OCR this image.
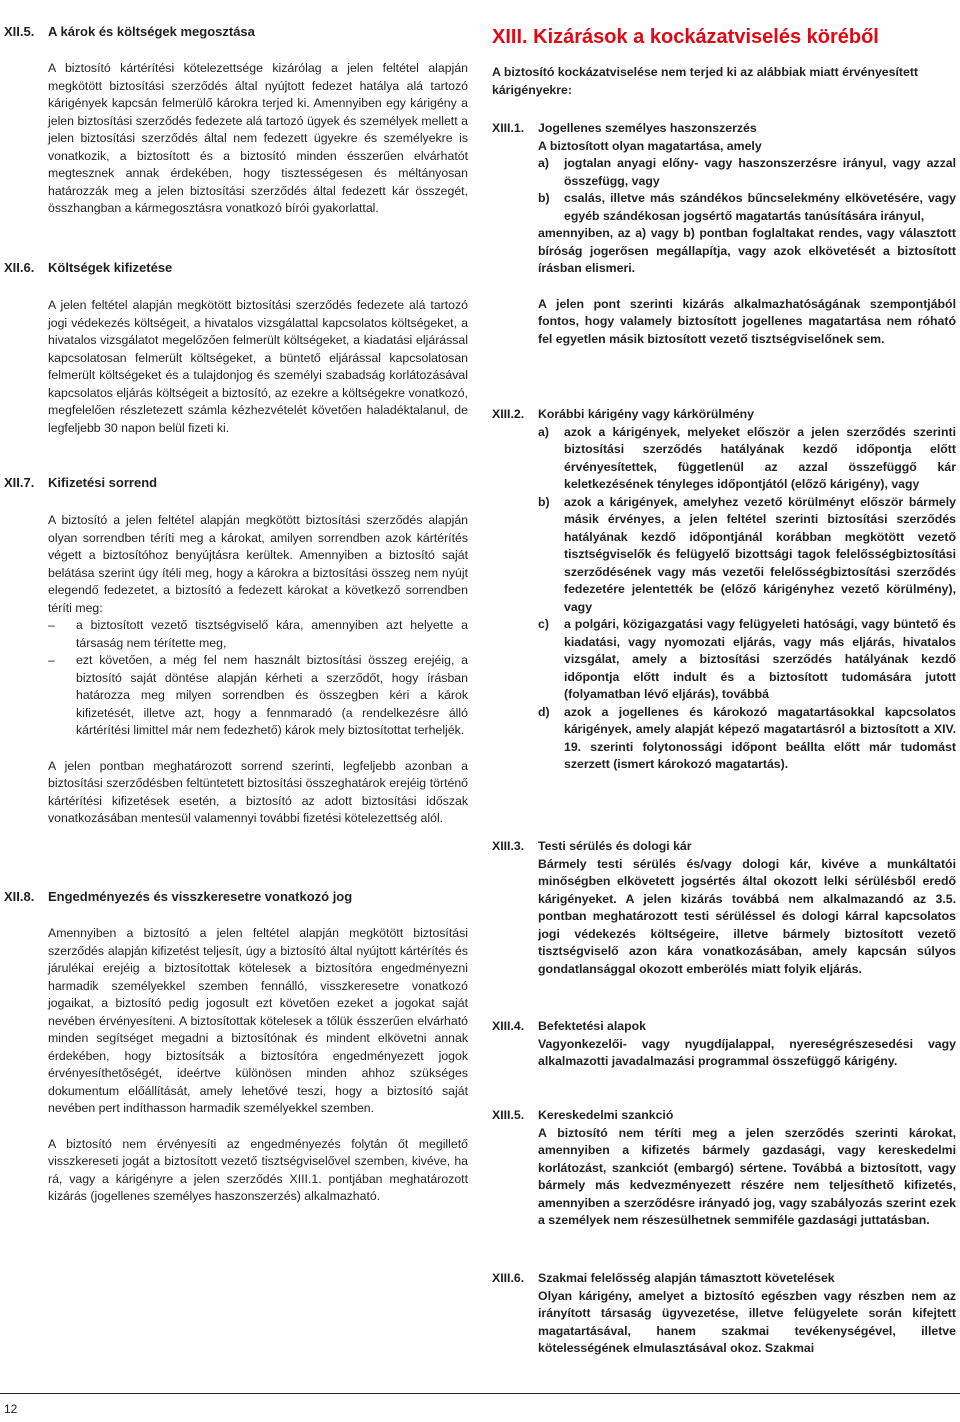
XII.5. A károk és költségek megosztása

A biztosító kártérítési kötelezettsége kizárólag a jelen feltétel alapján megkötött biztosítási szerződés által nyújtott fedezet hatálya alá tartozó kárigények kapcsán felmerülő károkra terjed ki. Amennyiben egy kárigény a jelen biztosítási szerződés fedezete alá tartozó ügyek és személyek mellett a jelen biztosítási szerződés által nem fedezett ügyekre és személyekre is vonatkozik, a biztosított és a biztosító minden ésszerűen elvárhatót megtesznek annak érdekében, hogy tisztességesen és méltányosan határozzák meg a jelen biztosítási szerződés által fedezett kár összegét, összhangban a kármegosztásra vonatkozó bírói gyakorlattal.

XII.6. Költségek kifizetése

A jelen feltétel alapján megkötött biztosítási szerződés fedezete alá tartozó jogi védekezés költségeit, a hivatalos vizsgálattal kapcsolatos költségeket, a hivatalos vizsgálatot megelőzően felmerült költségeket, a kiadatási eljárással kapcsolatosan felmerült költségeket, a büntető eljárással kapcsolatosan felmerült költségeket és a tulajdonjog és személyi szabadság korlátozásával kapcsolatos eljárás költségeit a biztosító, az ezekre a költségekre vonatkozó, megfelelően részletezett számla kézhezvételét követően haladéktalanul, de legfeljebb 30 napon belül fizeti ki.

XII.7. Kifizetési sorrend

A biztosító a jelen feltétel alapján megkötött biztosítási szerződés alapján olyan sorrendben téríti meg a károkat, amilyen sorrendben azok kártérítés végett a biztosítóhoz benyújtásra kerültek. Amennyiben a biztosító saját belátása szerint úgy ítéli meg, hogy a károkra a biztosítási összeg nem nyújt elegendő fedezetet, a biztosító a fedezett károkat a következő sorrendben téríti meg:

– a biztosított vezető tisztségviselő kára, amennyiben azt helyette a társaság nem térítette meg,
– ezt követően, a még fel nem használt biztosítási összeg erejéig, a biztosító saját döntése alapján kérheti a szerződőt, hogy írásban határozza meg milyen sorrendben és összegben kéri a károk kifizetését, illetve azt, hogy a fennmaradó (a rendelkezésre álló kártérítési limittel már nem fedezhető) károk mely biztosítottat terheljék.

A jelen pontban meghatározott sorrend szerinti, legfeljebb azonban a biztosítási szerződésben feltüntetett biztosítási összeghatárok erejéig történő kártérítési kifizetések esetén, a biztosító az adott biztosítási időszak vonatkozásában mentesül valamennyi további fizetési kötelezettség alól.

XII.8. Engedményezés és visszkeresetre vonatkozó jog

Amennyiben a biztosító a jelen feltétel alapján megkötött biztosítási szerződés alapján kifizetést teljesít, úgy a biztosító által nyújtott kártérítés és járulékai erejéig a biztosítottak kötelesek a biztosítóra engedményezni harmadik személyekkel szemben fennálló, visszkeresetre vonatkozó jogaikat, a biztosító pedig jogosult ezt követően ezeket a jogokat saját nevében érvényesíteni. A biztosítottak kötelesek a tőlük ésszerűen elvárható minden segítséget megadni a biztosítónak és mindent elkövetni annak érdekében, hogy biztosítsák a biztosítóra engedményezett jogok érvényesíthetőségét, ideértve különösen minden ahhoz szükséges dokumentum előállítását, amely lehetővé teszi, hogy a biztosító saját nevében pert indíthasson harmadik személyekkel szemben.

A biztosító nem érvényesíti az engedményezés folytán őt megillető visszkereseti jogát a biztosított vezető tisztségviselővel szemben, kivéve, ha rá, vagy a kárigényre a jelen szerződés XIII.1. pontjában meghatározott kizárás (jogellenes személyes haszonszerzés) alkalmazható.

XIII. Kizárások a kockázatviselés köréből

A biztosító kockázatviselése nem terjed ki az alábbiak miatt érvényesített kárigényekre:

XIII.1. Jogellenes személyes haszonszerzés

A biztosított olyan magatartása, amely

a) jogtalan anyagi előny- vagy haszonszerzésre irányul, vagy azzal összefügg, vagy
b) csalás, illetve más szándékos bűncselekmény elkövetésére, vagy egyéb szándékosan jogsértő magatartás tanúsítására irányul,

amennyiben, az a) vagy b) pontban foglaltakat rendes, vagy választott bíróság jogerősen megállapítja, vagy azok elkövetését a biztosított írásban elismeri.

A jelen pont szerinti kizárás alkalmazhatóságának szempontjából fontos, hogy valamely biztosított jogellenes magatartása nem róható fel egyetlen másik biztosított vezető tisztségviselőnek sem.

XIII.2. Korábbi kárigény vagy kárkörülmény
a) azok a kárigények, melyeket először a jelen szerződés szerinti biztosítási szerződés hatályának kezdő időpontja előtt érvényesítettek, függetlenül az azzal összefüggő kár keletkezésének tényleges időpontjától (előző kárigény), vagy
b) azok a kárigények, amelyhez vezető körülményt először bármely másik érvényes, a jelen feltétel szerinti biztosítási szerződés hatályának kezdő időpontjánál korábban megkötött vezető tisztségviselők és felügyelő bizottsági tagok felelősségbiztosítási szerződésének vagy más vezetői felelősségbiztosítási szerződés fedezetére jelentették be (előző kárigényhez vezető körülmény), vagy
c) a polgári, közigazgatási vagy felügyeleti hatósági, vagy büntető és kiadatási, vagy nyomozati eljárás, vagy más eljárás, hivatalos vizsgálat, amely a biztosítási szerződés hatályának kezdő időpontja előtt indult és a biztosított tudomására jutott (folyamatban lévő eljárás), továbbá
d) azok a jogellenes és károkozó magatartásokkal kapcsolatos kárigények, amely alapját képező magatartásról a biztosított a XIV. 19. szerinti folytonossági időpont beállta előtt már tudomást szerzett (ismert károkozó magatartás).
XIII.3. Testi sérülés és dologi kár

Bármely testi sérülés és/vagy dologi kár, kivéve a munkáltatói minőségben elkövetett jogsértés által okozott lelki sérülésből eredő kárigényeket. A jelen kizárás továbbá nem alkalmazandó az 3.5. pontban meghatározott testi sérüléssel és dologi kárral kapcsolatos jogi védekezés költségeire, illetve bármely biztosított vezető tisztségviselő azon kára vonatkozásában, amely kapcsán súlyos gondatlansággal okozott emberölés miatt folyik eljárás.

XIII.4. Befektetési alapok

Vagyonkezelői- vagy nyugdíjalappal, nyereségrészesedési vagy alkalmazotti javadalmazási programmal összefüggő kárigény.

XIII.5. Kereskedelmi szankció

A biztosító nem téríti meg a jelen szerződés szerinti károkat, amennyiben a kifizetés bármely gazdasági, vagy kereskedelmi korlátozást, szankciót (embargó) sértene. Továbbá a biztosított, vagy bármely más kedvezményezett részére nem teljesíthető kifizetés, amennyiben a szerződésre irányadó jog, vagy szabályozás szerint ezek a személyek nem részesülhetnek semmiféle gazdasági juttatásban.

XIII.6. Szakmai felelősség alapján támasztott követelések

Olyan kárigény, amelyet a biztosító egészben vagy részben nem az irányított társaság ügyvezetése, illetve felügyelete során kifejtett magatartásával, hanem szakmai tevékenységével, illetve kötelességének elmulasztásával okoz. Szakmai

12
